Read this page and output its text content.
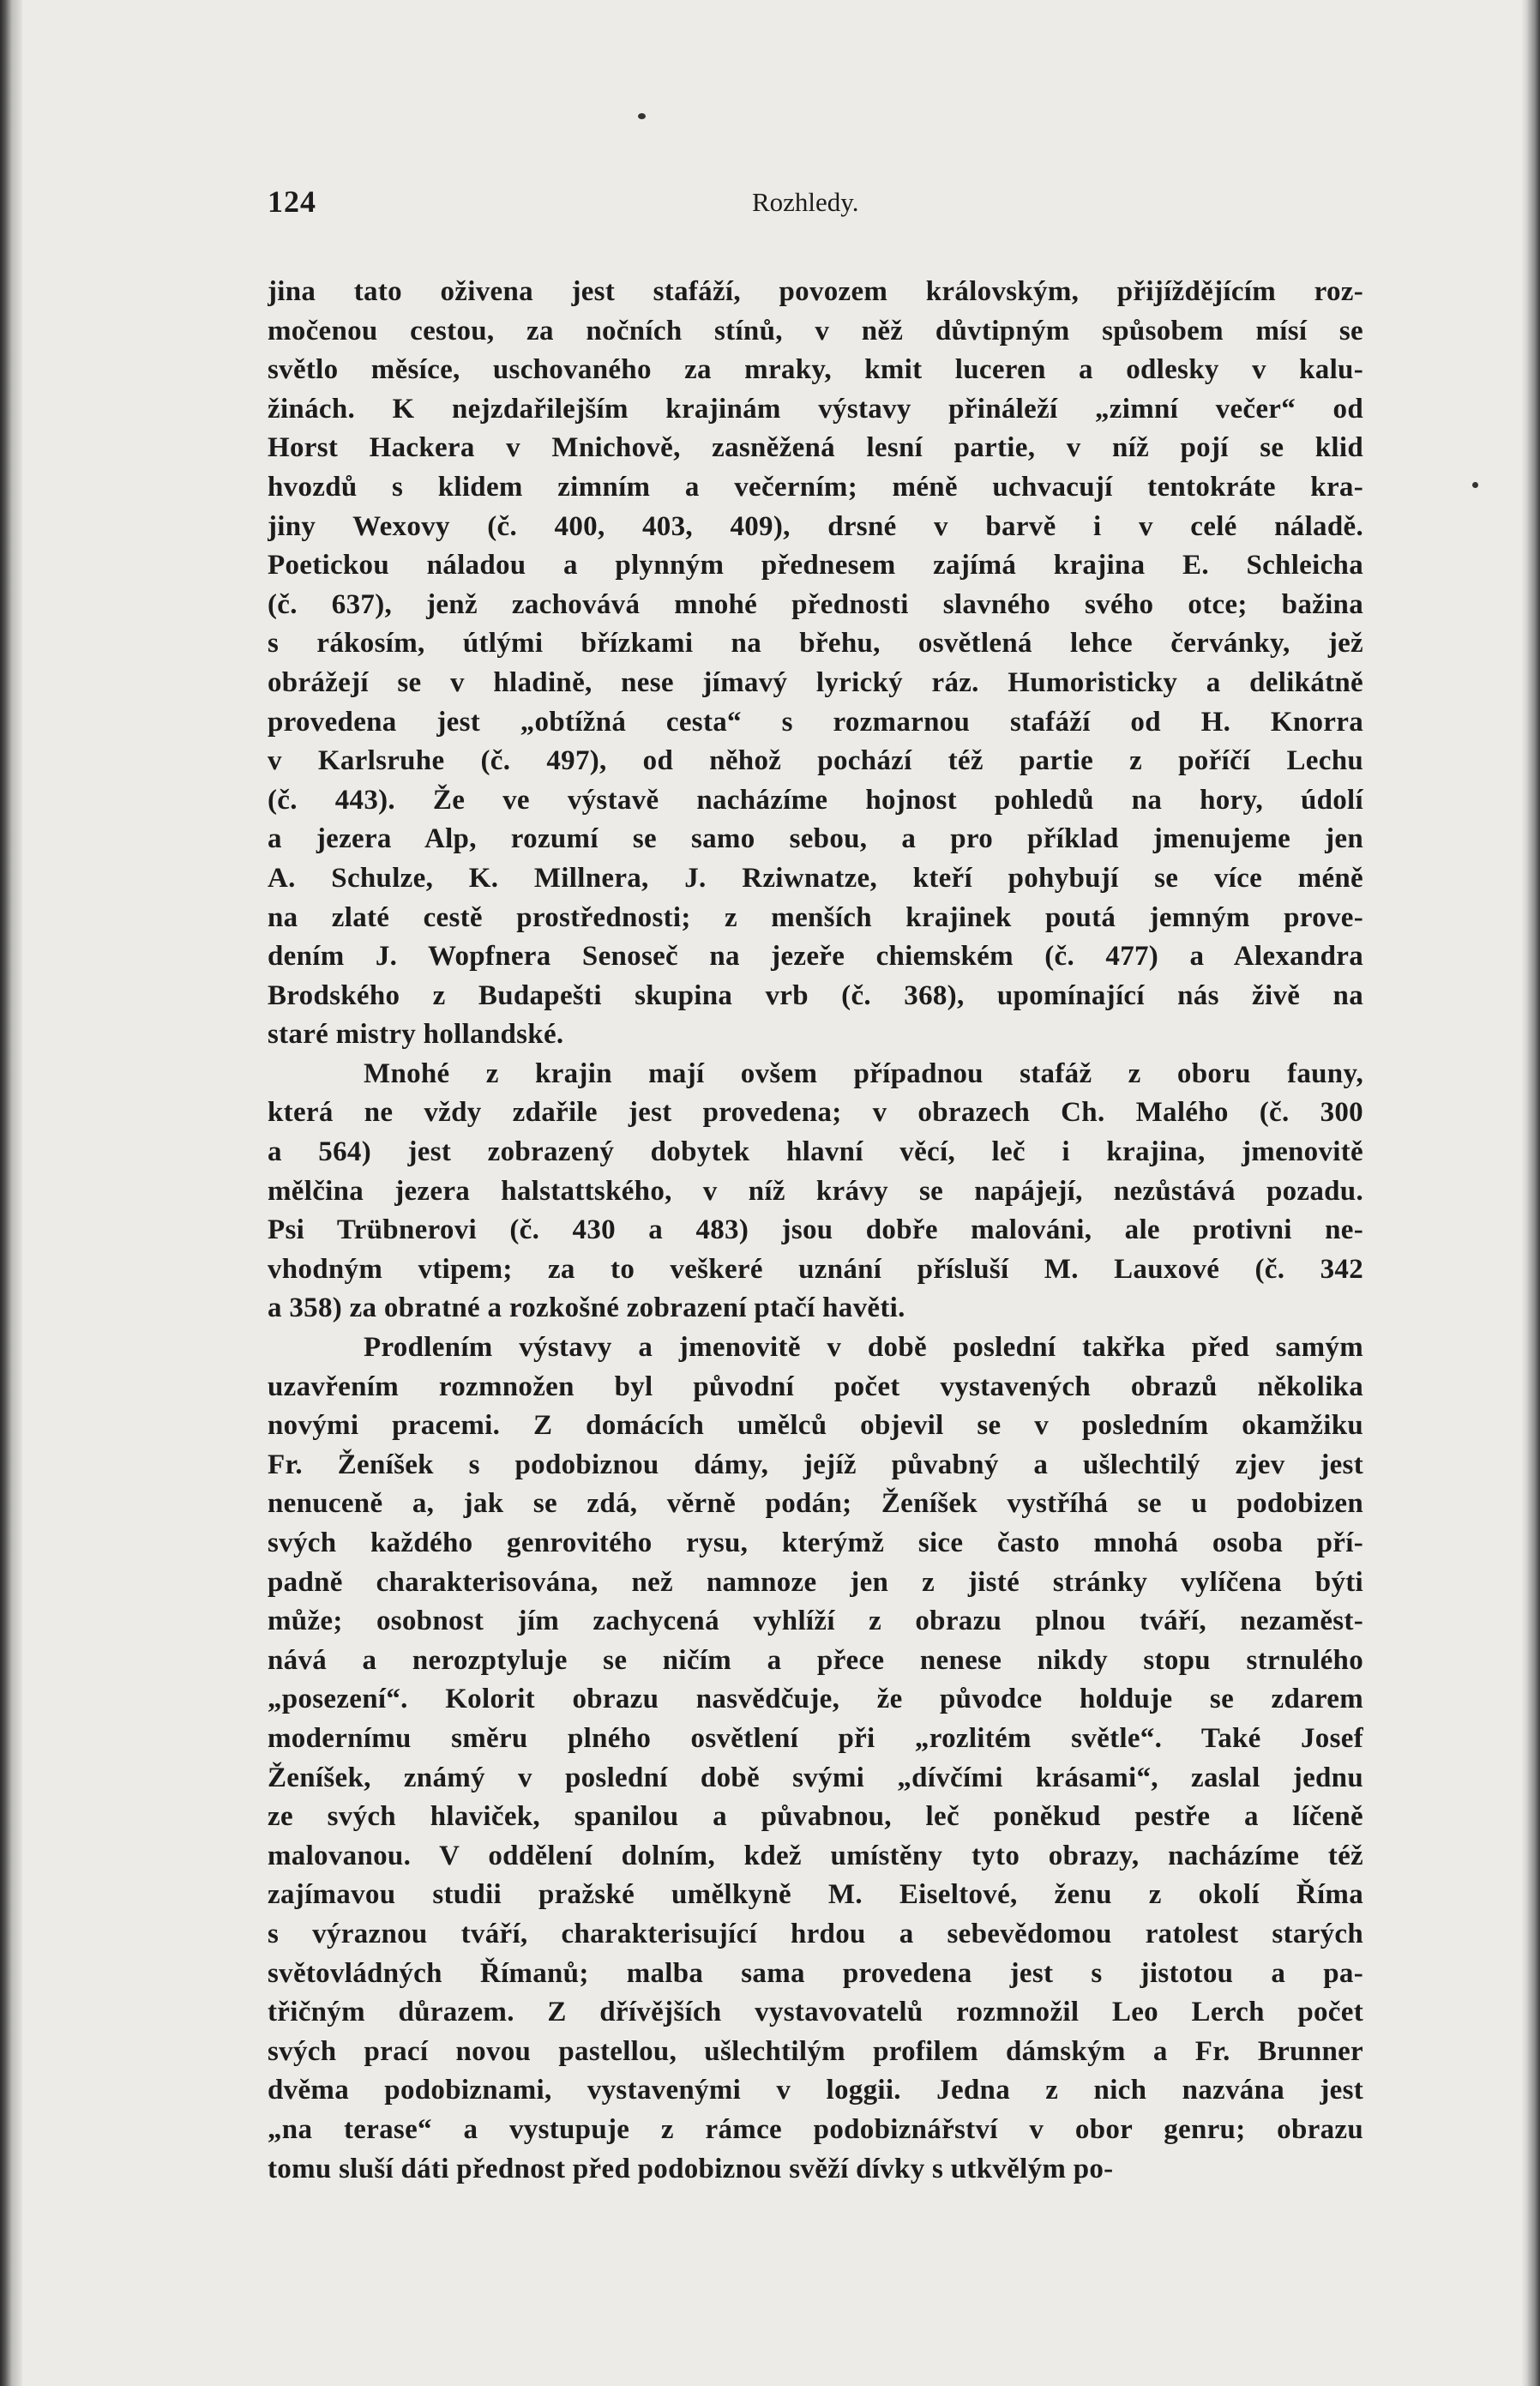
124	Rozhledy.
jina tato oživena jest stafáží, povozem královským, přijíždějícím roz-
močenou cestou, za nočních stínů, v něž důvtipným spůsobem mísí se
světlo měsíce, uschovaného za mraky, kmit luceren a odlesky v kalu-
žinách. K nejzdařilejším krajinám výstavy přináleží „zimní večer“ od
Horst Hackera v Mnichově, zasněžená lesní partie, v níž pojí se klid
hvozdů s klidem zimním a večerním; méně uchvacují tentokráte kra-
jiny Wexovy (č. 400, 403, 409), drsné v barvě i v celé náladě.
Poetickou náladou a plynným přednesem zajímá krajina E. Schleicha
(č. 637), jenž zachovává mnohé přednosti slavného svého otce; bažina
s rákosím, útlými břízkami na břehu, osvětlená lehce červánky, jež
obrážejí se v hladině, nese jímavý lyrický ráz. Humoristicky a delikátně
provedena jest „obtížná cesta“ s rozmarnou stafáží od H. Knorra
v Karlsruhe (č. 497), od něhož pochází též partie z poříčí Lechu
(č. 443). Že ve výstavě nacházíme hojnost pohledů na hory, údolí
a jezera Alp, rozumí se samo sebou, a pro příklad jmenujeme jen
A. Schulze, K. Millnera, J. Rziwnatze, kteří pohybují se více méně
na zlaté cestě prostřednosti; z menších krajinek poutá jemným prove-
dením J. Wopfnera Senoseč na jezeře chiemském (č. 477) a Alexandra
Brodského z Budapešti skupina vrb (č. 368), upomínající nás živě na
staré mistry hollandské.
Mnohé z krajin mají ovšem případnou stafáž z oboru fauny,
která ne vždy zdařile jest provedena; v obrazech Ch. Malého (č. 300
a 564) jest zobrazený dobytek hlavní věcí, leč i krajina, jmenovitě
mělčina jezera halstattského, v níž krávy se napájejí, nezůstává pozadu.
Psi Trübnerovi (č. 430 a 483) jsou dobře malováni, ale protivni ne-
vhodným vtipem; za to veškeré uznání přísluší M. Lauxové (č. 342
a 358) za obratné a rozkošné zobrazení ptačí havěti.
Prodlením výstavy a jmenovitě v době poslední takřka před samým
uzavřením rozmnožen byl původní počet vystavených obrazů několika
novými pracemi. Z domácích umělců objevil se v posledním okamžiku
Fr. Ženíšek s podobiznou dámy, jejíž půvabný a ušlechtilý zjev jest
nenuceně a, jak se zdá, věrně podán; Ženíšek vystříhá se u podobizen
svých každého genrovitého rysu, kterýmž sice často mnohá osoba pří-
padně charakterisována, než namnoze jen z jisté stránky vylíčena býti
může; osobnost jím zachycená vyhlíží z obrazu plnou tváří, nezaměst-
nává a nerozptyluje se ničím a přece nenese nikdy stopu strnulého
„posezení“. Kolorit obrazu nasvědčuje, že původce holduje se zdarem
modernímu směru plného osvětlení při „rozlitém světle“. Také Josef
Ženíšek, známý v poslední době svými „dívčími krásami“, zaslal jednu
ze svých hlaviček, spanilou a půvabnou, leč poněkud pestře a líčeně
malovanou. V oddělení dolním, kdež umístěny tyto obrazy, nacházíme též
zajímavou studii pražské umělkyně M. Eiseltové, ženu z okolí Říma
s výraznou tváří, charakterisující hrdou a sebevědomou ratolest starých
světovládných Římanů; malba sama provedena jest s jistotou a pa-
třičným důrazem. Z dřívějších vystavovatelů rozmnožil Leo Lerch počet
svých prací novou pastellou, ušlechtilým profilem dámským a Fr. Brunner
dvěma podobiznami, vystavenými v loggii. Jedna z nich nazvána jest
„na terase“ a vystupuje z rámce podobiznářství v obor genru; obrazu
tomu sluší dáti přednost před podobiznou svěží dívky s utkvělým po-
